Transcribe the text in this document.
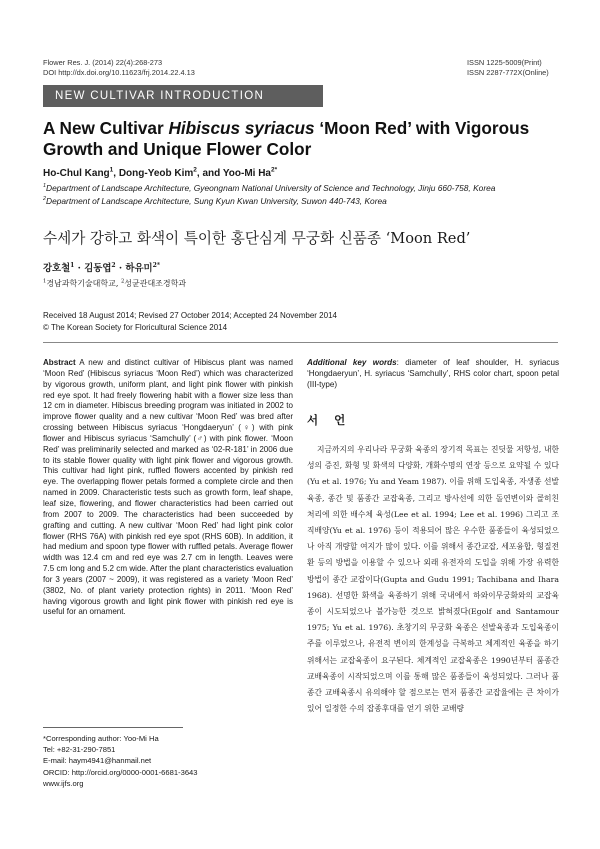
Flower Res. J. (2014) 22(4):268-273
DOI http://dx.doi.org/10.11623/frj.2014.22.4.13
ISSN 1225-5009(Print)
ISSN 2287-772X(Online)
NEW CULTIVAR INTRODUCTION
A New Cultivar Hibiscus syriacus ‘Moon Red’ with Vigorous Growth and Unique Flower Color
Ho-Chul Kang$^1$, Dong-Yeob Kim$^2$, and Yoo-Mi $Ha^{2*}$
$^1$Department of Landscape Architecture, Gyeongnam National University of Science and Technology, Jinju 660-758, Korea
$^2$Department of Landscape Architecture, Sung Kyun Kwan University, Suwon 440-743, Korea
수세가 강하고 화색이 특이한 홍단심계 무궁화 신품종 ‘Moon Red’
강호철$^1$ · 김동엽$^2$ · 하유미$^{2*}$
$^1$경남과학기술대학교, $^2$성균관대조경학과
Received 18 August 2014; Revised 27 October 2014; Accepted 24 November 2014
© The Korean Society for Floricultural Science 2014
Abstract A new and distinct cultivar of Hibiscus plant was named ‘Moon Red’ (Hibiscus syriacus ‘Moon Red’) which was characterized by vigorous growth, uniform plant, and light pink flower with pinkish red eye spot. It had freely flowering habit with a flower size less than 12 cm in diameter. Hibiscus breeding program was initiated in 2002 to improve flower quality and a new cultivar ‘Moon Red’ was bred after crossing between Hibiscus syriacus ‘Hongdaeryun’ (♀) with pink flower and Hibiscus syriacus ‘Samchully’ (♂) with pink flower. ‘Moon Red’ was preliminarily selected and marked as ‘02-R-181’ in 2006 due to its stable flower quality with light pink flower and vigorous growth. This cultivar had light pink, ruffled flowers accented by pinkish red eye. The overlapping flower petals formed a complete circle and then named in 2009. Characteristic tests such as growth form, leaf shape, leaf size, flowering, and flower characteristics had been carried out from 2007 to 2009. The characteristics had been succeeded by grafting and cutting. A new cultivar ‘Moon Red’ had light pink color flower (RHS 76A) with pinkish red eye spot (RHS 60B). In addition, it had medium and spoon type flower with ruffled petals. Average flower width was 12.4 cm and red eye was 2.7 cm in length. Leaves were 7.5 cm long and 5.2 cm wide. After the plant characteristics evaluation for 3 years (2007 ~ 2009), it was registered as a variety ‘Moon Red’ (3802, No. of plant variety protection rights) in 2011. ‘Moon Red’ having vigorous growth and light pink flower with pinkish red eye is useful for an ornament.
*Corresponding author: Yoo-Mi Ha
Tel: +82-31-290-7851
E-mail: haym4941@hanmail.net
ORCID: http://orcid.org/0000-0001-6681-3643
www.ijfs.org
Additional key words: diameter of leaf shoulder, H. syriacus ‘Hongdaeryun’, H. syriacus ‘Samchully’, RHS color chart, spoon petal (III-type)
서 언
지금까지의 우리나라 무궁화 육종의 장기적 목표는 진딧물 저항성, 내한성의 증진, 화형 및 화색의 다양화, 개화수명의 연장 등으로 요약될 수 있다(Yu et al. 1976; Yu and Yeam 1987). 이를 위해 도입육종, 자생종 선발육종, 종간 및 품종간 교잡육종, 그리고 방사선에 의한 돌연변이와 콜히친 처리에 의한 배수체 육성(Lee et al. 1994; Lee et al. 1996) 그리고 조직배양(Yu et al. 1976) 등이 적용되어 많은 우수한 품종들이 육성되었으나 아직 개량할 여지가 많이 있다. 이를 위해서 종간교잡, 세포융합, 형질전환 등의 방법을 이용할 수 있으나 외래 유전자의 도입을 위해 가장 유력한 방법이 종간 교잡이다(Gupta and Gudu 1991; Tachibana and Ihara 1968). 선명한 화색을 육종하기 위해 국내에서 하와이무궁화와의 교잡육종이 시도되었으나 불가능한 것으로 밝혀졌다(Egolf and Santamour 1975; Yu et al. 1976). 초창기의 무궁화 육종은 선발육종과 도입육종이 주를 이루었으나, 유전적 변이의 한계성을 극복하고 체계적인 육종을 하기 위해서는 교잡육종이 요구된다. 체계적인 교잡육종은 1990년부터 품종간 교배육종이 시작되었으며 이를 통해 많은 품종들이 육성되었다. 그러나 품종간 교배육종시 유의해야 할 점으로는 먼저 품종간 교잡율에는 큰 차이가 있어 일정한 수의 잡종후대를 얻기 위한 교배량
